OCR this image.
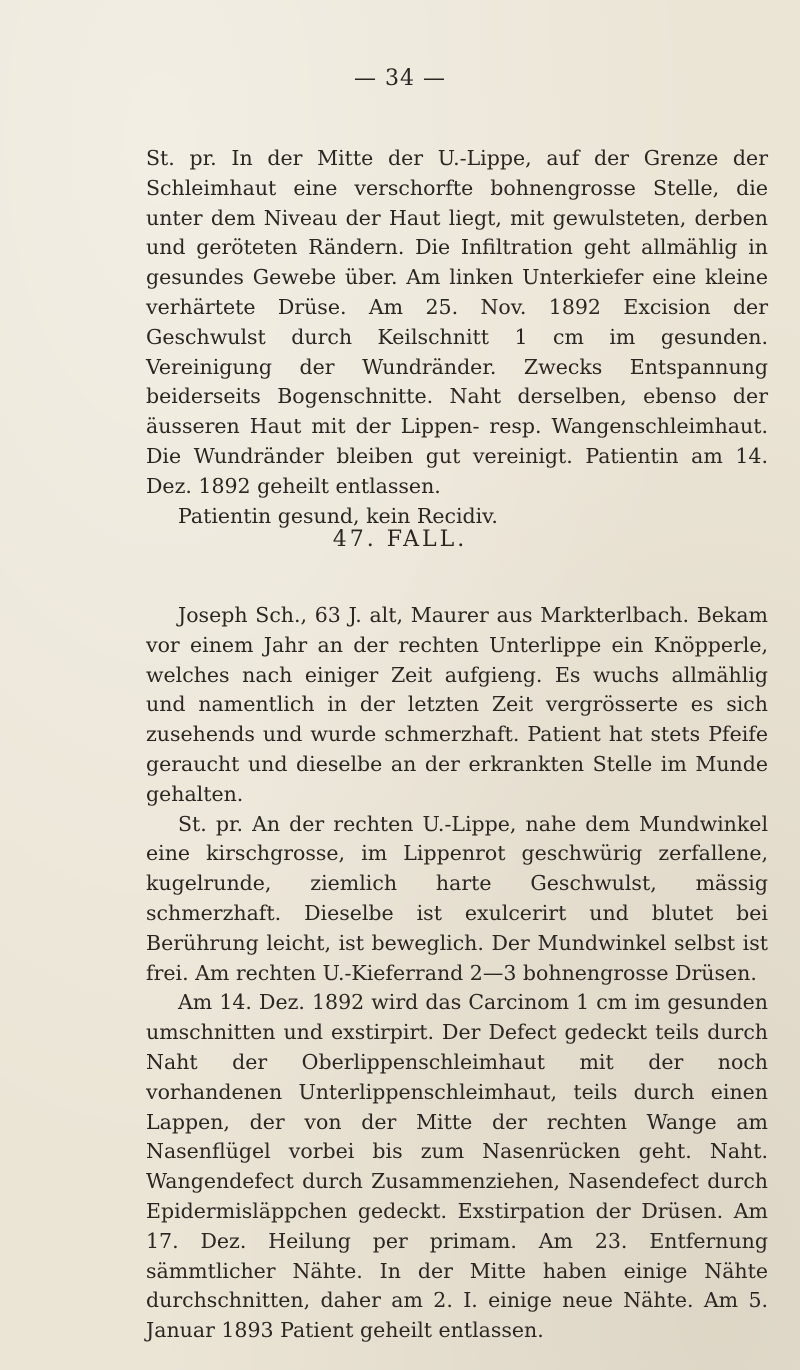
— 34 —

St. pr. In der Mitte der U.-Lippe, auf der Grenze der Schleimhaut eine verschorfte bohnengrosse Stelle, die unter dem Niveau der Haut liegt, mit gewulsteten, derben und geröteten Rändern. Die Infiltration geht allmählig in gesundes Gewebe über. Am linken Unterkiefer eine kleine verhärtete Drüse. Am 25. Nov. 1892 Excision der Geschwulst durch Keilschnitt 1 cm im gesunden. Vereinigung der Wundränder. Zwecks Entspannung beiderseits Bogenschnitte. Naht derselben, ebenso der äusseren Haut mit der Lippen- resp. Wangenschleimhaut. Die Wundränder bleiben gut vereinigt. Patientin am 14. Dez. 1892 geheilt entlassen.

Patientin gesund, kein Recidiv.

47. FALL.

Joseph Sch., 63 J. alt, Maurer aus Markterlbach. Bekam vor einem Jahr an der rechten Unterlippe ein Knöpperle, welches nach einiger Zeit aufgieng. Es wuchs allmählig und namentlich in der letzten Zeit vergrösserte es sich zusehends und wurde schmerzhaft. Patient hat stets Pfeife geraucht und dieselbe an der erkrankten Stelle im Munde gehalten.

St. pr. An der rechten U.-Lippe, nahe dem Mundwinkel eine kirschgrosse, im Lippenrot geschwürig zerfallene, kugelrunde, ziemlich harte Geschwulst, mässig schmerzhaft. Dieselbe ist exulcerirt und blutet bei Berührung leicht, ist beweglich. Der Mundwinkel selbst ist frei. Am rechten U.-Kieferrand 2—3 bohnengrosse Drüsen.

Am 14. Dez. 1892 wird das Carcinom 1 cm im gesunden umschnitten und exstirpirt. Der Defect gedeckt teils durch Naht der Oberlippenschleimhaut mit der noch vorhandenen Unterlippenschleimhaut, teils durch einen Lappen, der von der Mitte der rechten Wange am Nasenflügel vorbei bis zum Nasenrücken geht. Naht. Wangendefect durch Zusammenziehen, Nasendefect durch Epidermisläppchen gedeckt. Exstirpation der Drüsen. Am 17. Dez. Heilung per primam. Am 23. Entfernung sämmtlicher Nähte. In der Mitte haben einige Nähte durchschnitten, daher am 2. I. einige neue Nähte. Am 5. Januar 1893 Patient geheilt entlassen.
